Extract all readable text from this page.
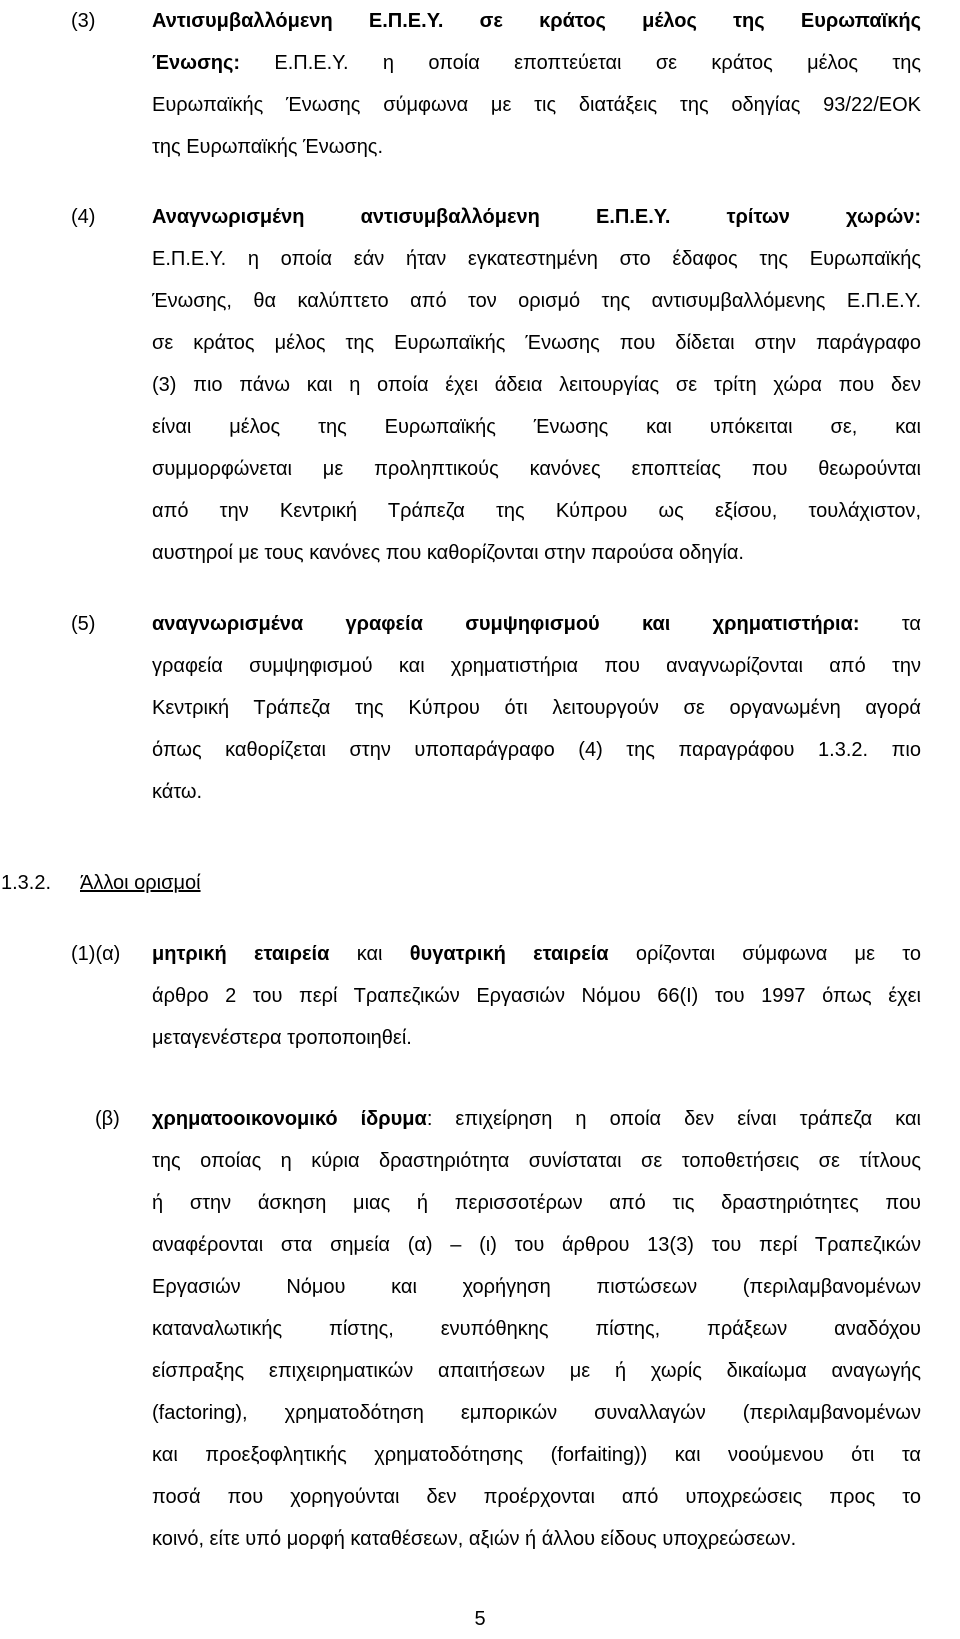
(3)	Αντισυμβαλλόμενη Ε.Π.Ε.Υ. σε κράτος μέλος της Ευρωπαϊκής
Ένωσης: Ε.Π.Ε.Υ. η οποία εποπτεύεται σε κράτος μέλος της
Ευρωπαϊκής Ένωσης σύμφωνα με τις διατάξεις της οδηγίας 93/22/ΕΟΚ
της Ευρωπαϊκής Ένωσης.
(4)	Αναγνωρισμένη αντισυμβαλλόμενη Ε.Π.Ε.Υ. τρίτων χωρών:
Ε.Π.Ε.Υ. η οποία εάν ήταν εγκατεστημένη στο έδαφος της Ευρωπαϊκής
Ένωσης, θα καλύπτετο από τον ορισμό της αντισυμβαλλόμενης Ε.Π.Ε.Υ.
σε κράτος μέλος της Ευρωπαϊκής Ένωσης που δίδεται στην παράγραφο
(3) πιο πάνω και η οποία έχει άδεια λειτουργίας σε τρίτη χώρα που δεν
είναι μέλος της Ευρωπαϊκής Ένωσης και υπόκειται σε, και
συμμορφώνεται με προληπτικούς κανόνες εποπτείας που θεωρούνται
από την Κεντρική Τράπεζα της Κύπρου ως εξίσου, τουλάχιστον,
αυστηροί με τους κανόνες που καθορίζονται στην παρούσα οδηγία.
(5)	αναγνωρισμένα γραφεία συμψηφισμού και χρηματιστήρια: τα
γραφεία συμψηφισμού και χρηματιστήρια που αναγνωρίζονται από την
Κεντρική Τράπεζα της Κύπρου ότι λειτουργούν σε οργανωμένη αγορά
όπως καθορίζεται στην υποπαράγραφο (4) της παραγράφου 1.3.2. πιο
κάτω.
1.3.2. Άλλοι ορισμοί
(1)(α) μητρική εταιρεία και θυγατρική εταιρεία ορίζονται σύμφωνα με το
άρθρο 2 του περί Τραπεζικών Εργασιών Νόμου 66(Ι) του 1997 όπως έχει
μεταγενέστερα τροποποιηθεί.
(β) χρηματοοικονομικό ίδρυμα: επιχείρηση η οποία δεν είναι τράπεζα και
της οποίας η κύρια δραστηριότητα συνίσταται σε τοποθετήσεις σε τίτλους
ή στην άσκηση μιας ή περισσοτέρων από τις δραστηριότητες που
αναφέρονται στα σημεία (α) – (ι) του άρθρου 13(3) του περί Τραπεζικών
Εργασιών Νόμου και χορήγηση πιστώσεων (περιλαμβανομένων
καταναλωτικής πίστης, ενυπόθηκης πίστης, πράξεων αναδόχου
είσπραξης επιχειρηματικών απαιτήσεων με ή χωρίς δικαίωμα αναγωγής
(factoring), χρηματοδότηση εμπορικών συναλλαγών (περιλαμβανομένων
και προεξοφλητικής χρηματοδότησης (forfaiting)) και νοούμενου ότι τα
ποσά που χορηγούνται δεν προέρχονται από υποχρεώσεις προς το
κοινό, είτε υπό μορφή καταθέσεων, αξιών ή άλλου είδους υποχρεώσεων.
5
